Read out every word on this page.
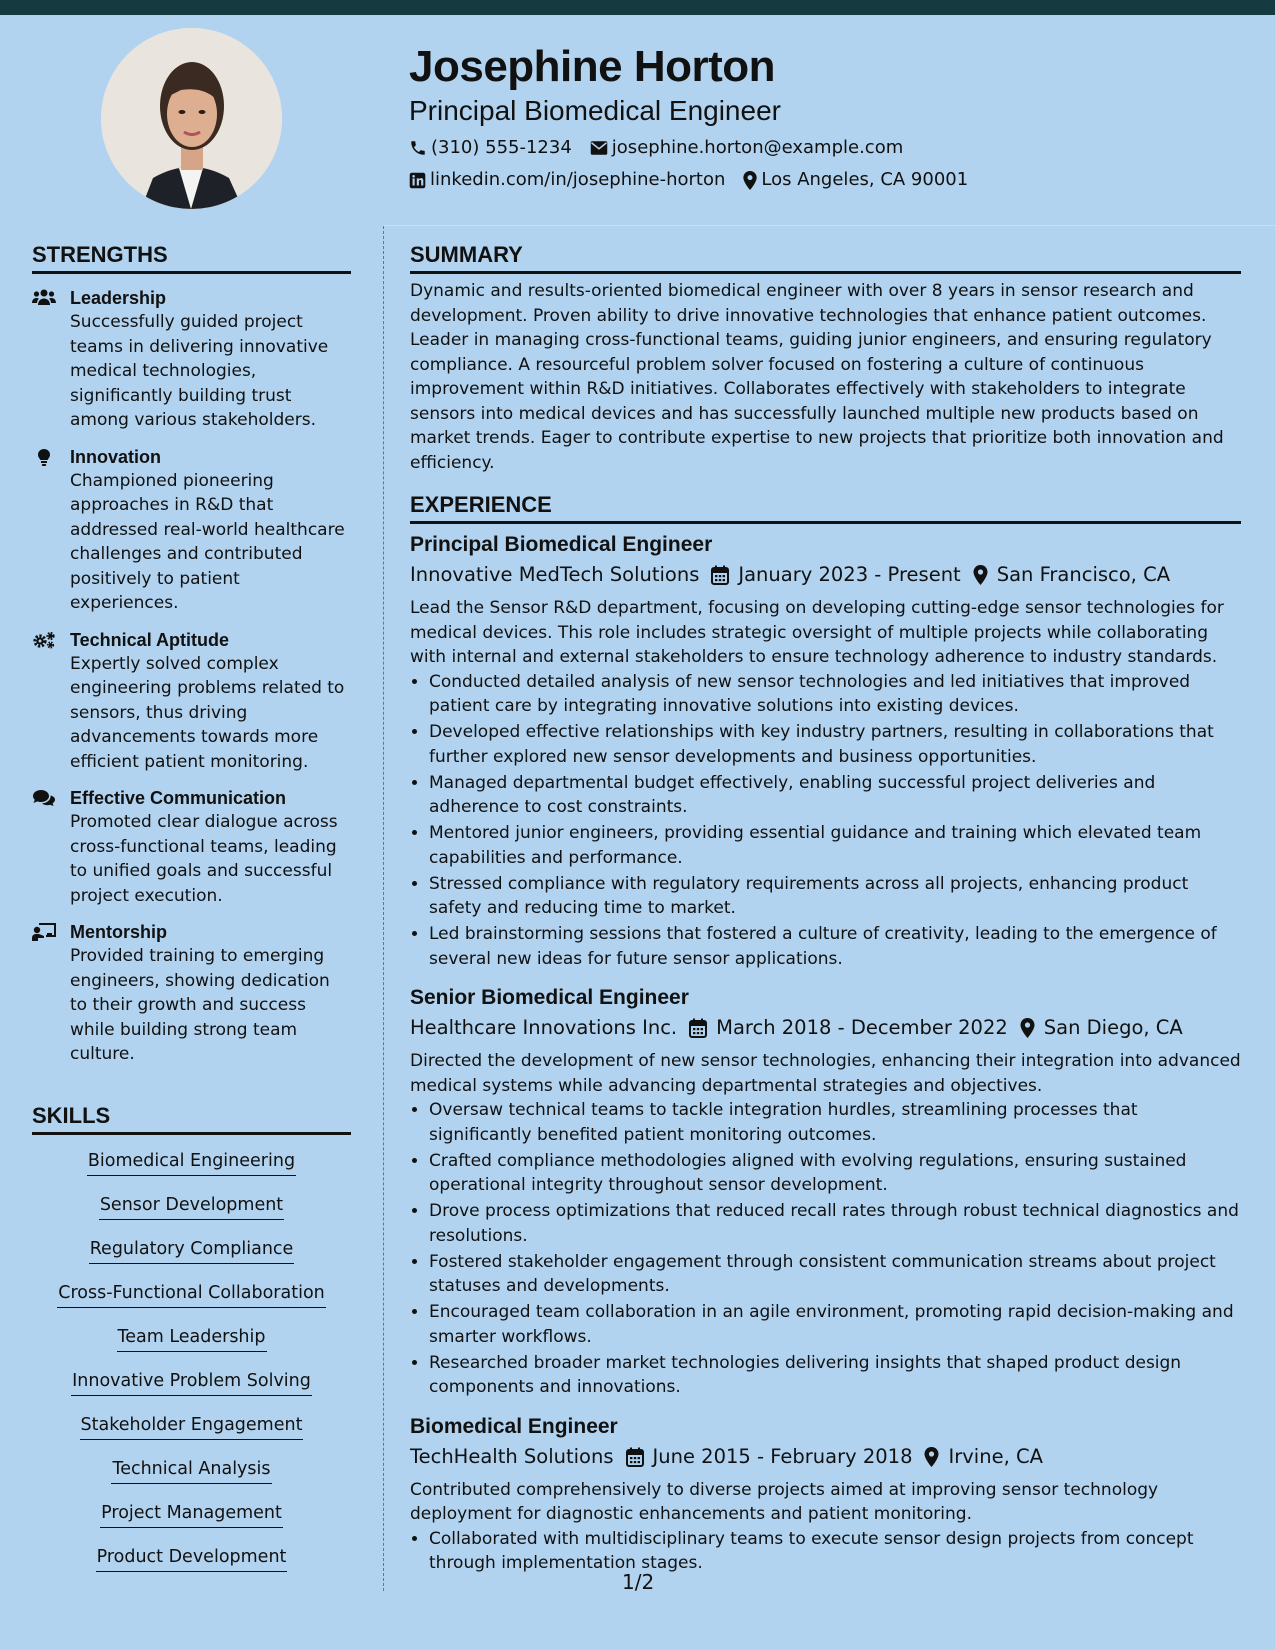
Josephine Horton
Principal Biomedical Engineer
(310) 555-1234 josephine.horton@example.com
linkedin.com/in/josephine-horton Los Angeles, CA 90001
STRENGTHS
Leadership
Successfully guided project teams in delivering innovative medical technologies, significantly building trust among various stakeholders.
Innovation
Championed pioneering approaches in R&D that addressed real-world healthcare challenges and contributed positively to patient experiences.
Technical Aptitude
Expertly solved complex engineering problems related to sensors, thus driving advancements towards more efficient patient monitoring.
Effective Communication
Promoted clear dialogue across cross-functional teams, leading to unified goals and successful project execution.
Mentorship
Provided training to emerging engineers, showing dedication to their growth and success while building strong team culture.
SKILLS
Biomedical Engineering
Sensor Development
Regulatory Compliance
Cross-Functional Collaboration
Team Leadership
Innovative Problem Solving
Stakeholder Engagement
Technical Analysis
Project Management
Product Development
SUMMARY
Dynamic and results-oriented biomedical engineer with over 8 years in sensor research and development. Proven ability to drive innovative technologies that enhance patient outcomes. Leader in managing cross-functional teams, guiding junior engineers, and ensuring regulatory compliance. A resourceful problem solver focused on fostering a culture of continuous improvement within R&D initiatives. Collaborates effectively with stakeholders to integrate sensors into medical devices and has successfully launched multiple new products based on market trends. Eager to contribute expertise to new projects that prioritize both innovation and efficiency.
EXPERIENCE
Principal Biomedical Engineer
Innovative MedTech Solutions January 2023 - Present San Francisco, CA
Lead the Sensor R&D department, focusing on developing cutting-edge sensor technologies for medical devices. This role includes strategic oversight of multiple projects while collaborating with internal and external stakeholders to ensure technology adherence to industry standards.
• Conducted detailed analysis of new sensor technologies and led initiatives that improved patient care by integrating innovative solutions into existing devices.
• Developed effective relationships with key industry partners, resulting in collaborations that further explored new sensor developments and business opportunities.
• Managed departmental budget effectively, enabling successful project deliveries and adherence to cost constraints.
• Mentored junior engineers, providing essential guidance and training which elevated team capabilities and performance.
• Stressed compliance with regulatory requirements across all projects, enhancing product safety and reducing time to market.
• Led brainstorming sessions that fostered a culture of creativity, leading to the emergence of several new ideas for future sensor applications.
Senior Biomedical Engineer
Healthcare Innovations Inc. March 2018 - December 2022 San Diego, CA
Directed the development of new sensor technologies, enhancing their integration into advanced medical systems while advancing departmental strategies and objectives.
• Oversaw technical teams to tackle integration hurdles, streamlining processes that significantly benefited patient monitoring outcomes.
• Crafted compliance methodologies aligned with evolving regulations, ensuring sustained operational integrity throughout sensor development.
• Drove process optimizations that reduced recall rates through robust technical diagnostics and resolutions.
• Fostered stakeholder engagement through consistent communication streams about project statuses and developments.
• Encouraged team collaboration in an agile environment, promoting rapid decision-making and smarter workflows.
• Researched broader market technologies delivering insights that shaped product design components and innovations.
Biomedical Engineer
TechHealth Solutions June 2015 - February 2018 Irvine, CA
Contributed comprehensively to diverse projects aimed at improving sensor technology deployment for diagnostic enhancements and patient monitoring.
• Collaborated with multidisciplinary teams to execute sensor design projects from concept through implementation stages.
1/2
